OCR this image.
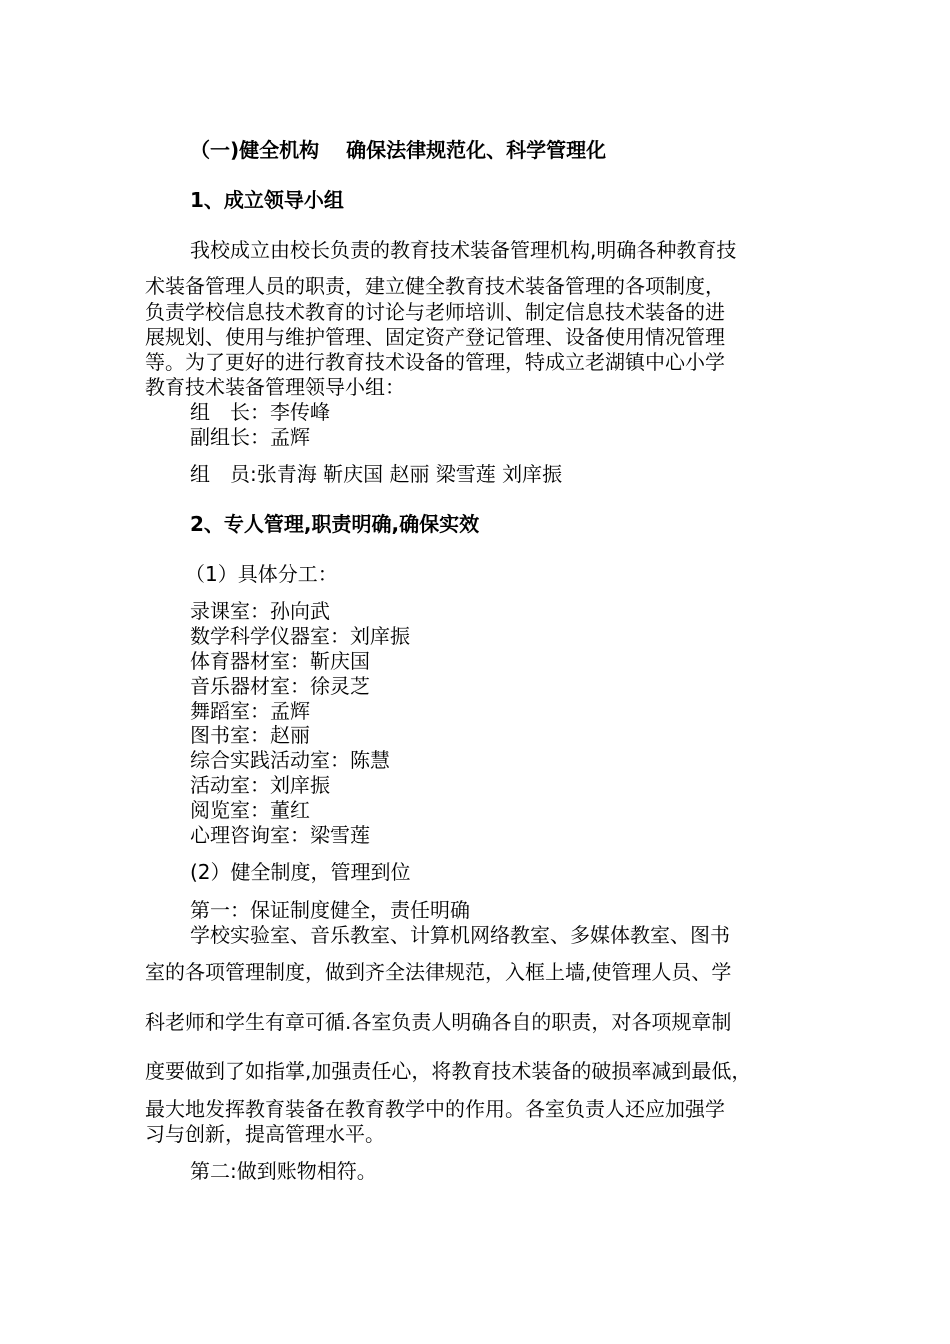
（一)健全机构　 确保法律规范化、科学管理化
1、成立领导小组
我校成立由校长负责的教育技术装备管理机构,明确各种教育技
术装备管理人员的职责，建立健全教育技术装备管理的各项制度，
负责学校信息技术教育的讨论与老师培训、制定信息技术装备的进
展规划、使用与维护管理、固定资产登记管理、设备使用情况管理
等。为了更好的进行教育技术设备的管理，特成立老湖镇中心小学
教育技术装备管理领导小组：
组　长：李传峰
副组长：孟辉
组　员:张青海 靳庆国 赵丽 梁雪莲 刘庠振
2、专人管理,职责明确,确保实效
（1）具体分工：
录课室：孙向武
数学科学仪器室：刘庠振
体育器材室：靳庆国
音乐器材室：徐灵芝
舞蹈室：孟辉
图书室：赵丽
综合实践活动室：陈慧
活动室：刘庠振
阅览室：董红
心理咨询室：梁雪莲
(2）健全制度，管理到位
第一：保证制度健全，责任明确
学校实验室、音乐教室、计算机网络教室、多媒体教室、图书
室的各项管理制度，做到齐全法律规范，入框上墙,使管理人员、学
科老师和学生有章可循.各室负责人明确各自的职责，对各项规章制
度要做到了如指掌,加强责任心，将教育技术装备的破损率减到最低，
最大地发挥教育装备在教育教学中的作用。各室负责人还应加强学
习与创新，提高管理水平。
第二:做到账物相符。
